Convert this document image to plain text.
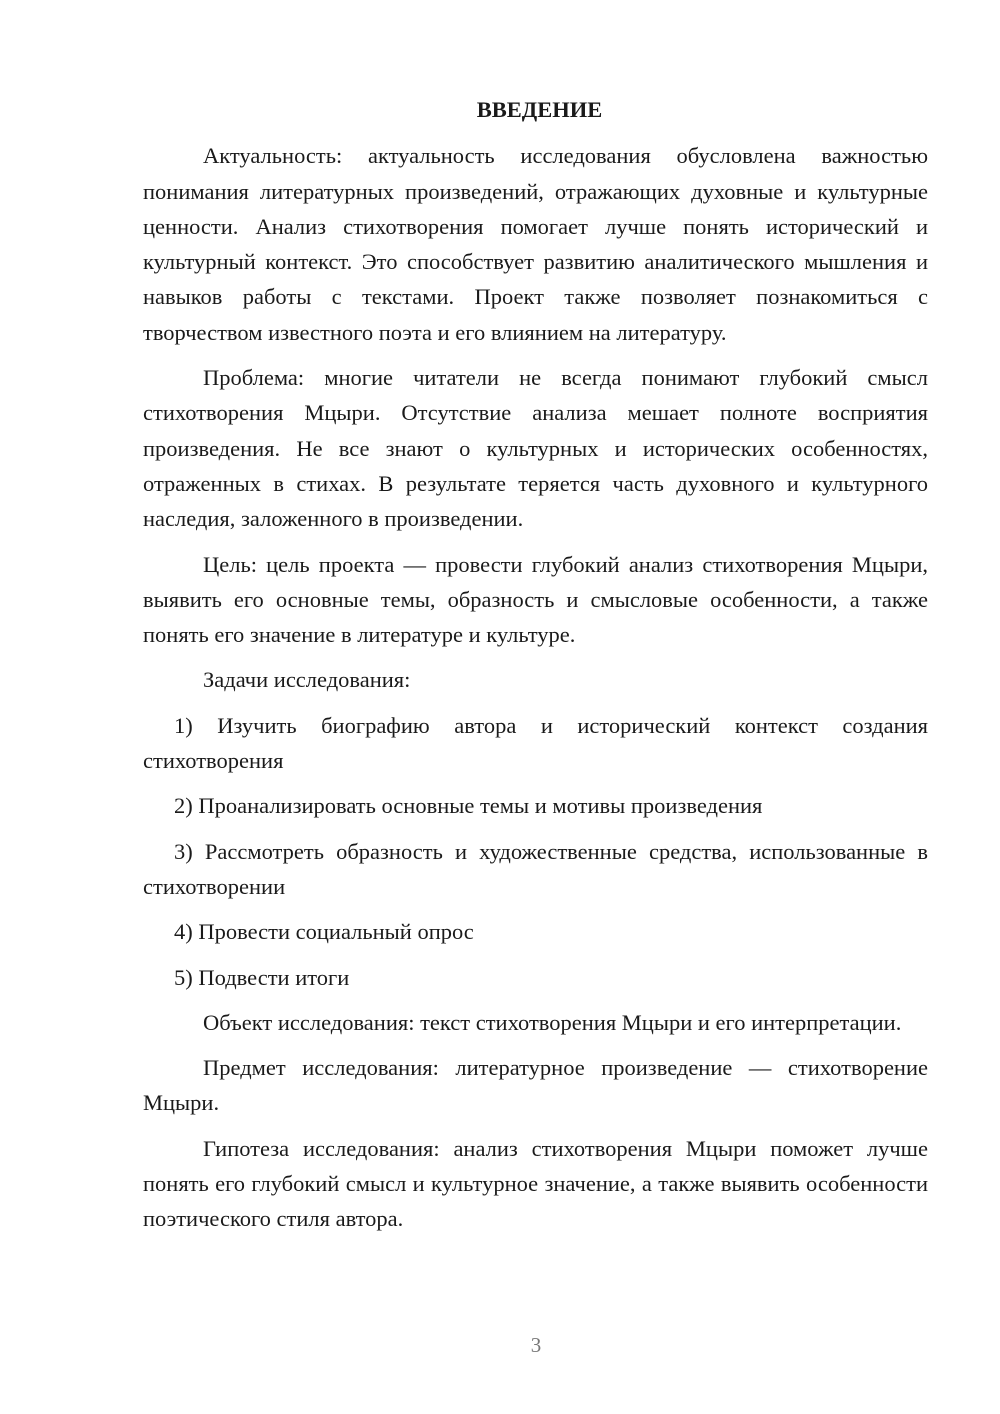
ВВЕДЕНИЕ

Актуальность: актуальность исследования обусловлена важностью понимания литературных произведений, отражающих духовные и культурные ценности. Анализ стихотворения помогает лучше понять исторический и культурный контекст. Это способствует развитию аналитического мышления и навыков работы с текстами. Проект также позволяет познакомиться с творчеством известного поэта и его влиянием на литературу.

Проблема: многие читатели не всегда понимают глубокий смысл стихотворения Мцыри. Отсутствие анализа мешает полноте восприятия произведения. Не все знают о культурных и исторических особенностях, отраженных в стихах. В результате теряется часть духовного и культурного наследия, заложенного в произведении.

Цель: цель проекта — провести глубокий анализ стихотворения Мцыри, выявить его основные темы, образность и смысловые особенности, а также понять его значение в литературе и культуре.

Задачи исследования:

1) Изучить биографию автора и исторический контекст создания стихотворения

2) Проанализировать основные темы и мотивы произведения

3) Рассмотреть образность и художественные средства, использованные в стихотворении

4) Провести социальный опрос

5) Подвести итоги

Объект исследования: текст стихотворения Мцыри и его интерпретации.

Предмет исследования: литературное произведение — стихотворение Мцыри.

Гипотеза исследования: анализ стихотворения Мцыри поможет лучше понять его глубокий смысл и культурное значение, а также выявить особенности поэтического стиля автора.

3
